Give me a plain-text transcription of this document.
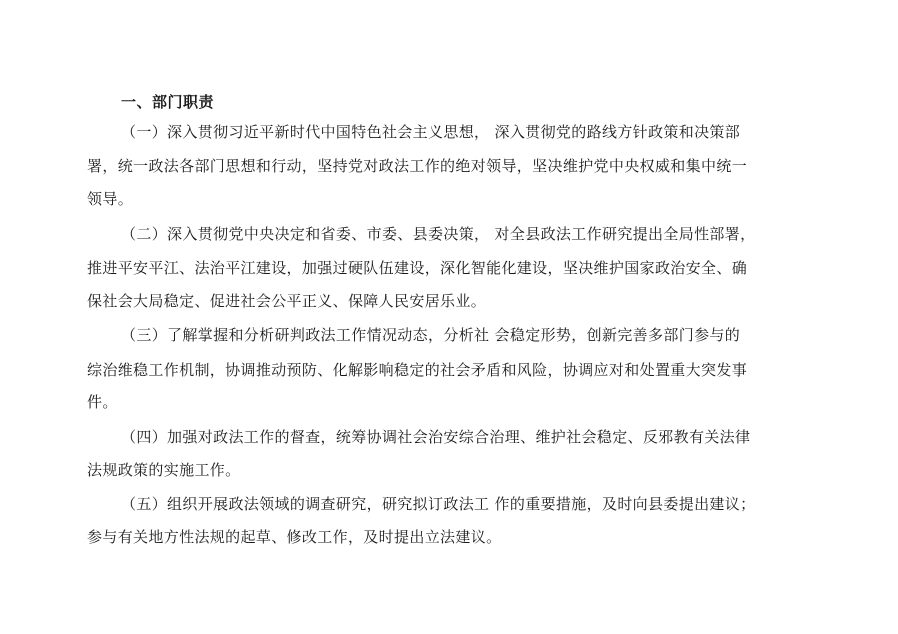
一、部门职责
（一）深入贯彻习近平新时代中国特色社会主义思想， 深入贯彻党的路线方针政策和决策部
署，统一政法各部门思想和行动，坚持党对政法工作的绝对领导，坚决维护党中央权威和集中统一
领导。
（二）深入贯彻党中央决定和省委、市委、县委决策， 对全县政法工作研究提出全局性部署，
推进平安平江、法治平江建设，加强过硬队伍建设，深化智能化建设，坚决维护国家政治安全、确
保社会大局稳定、促进社会公平正义、保障人民安居乐业。
（三）了解掌握和分析研判政法工作情况动态，分析社 会稳定形势，创新完善多部门参与的
综治维稳工作机制，协调推动预防、化解影响稳定的社会矛盾和风险，协调应对和处置重大突发事
件。
（四）加强对政法工作的督查，统筹协调社会治安综合治理、维护社会稳定、反邪教有关法律
法规政策的实施工作。
（五）组织开展政法领域的调查研究，研究拟订政法工 作的重要措施，及时向县委提出建议；
参与有关地方性法规的起草、修改工作，及时提出立法建议。
